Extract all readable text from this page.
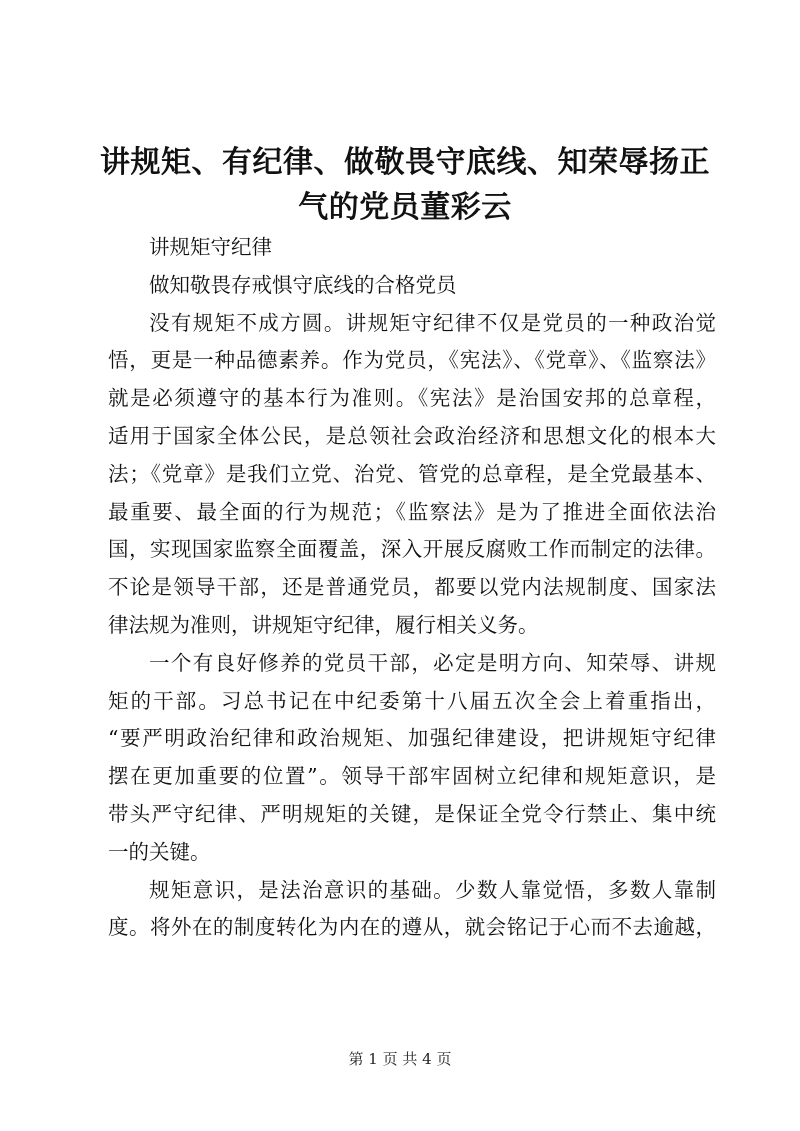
讲规矩、有纪律、做敬畏守底线、知荣辱扬正
气的党员董彩云
讲规矩守纪律
做知敬畏存戒惧守底线的合格党员
没有规矩不成方圆。讲规矩守纪律不仅是党员的一种政治觉
悟，更是一种品德素养。作为党员，《宪法》、《党章》、《监察法》
就是必须遵守的基本行为准则。《宪法》是治国安邦的总章程，
适用于国家全体公民，是总领社会政治经济和思想文化的根本大
法；《党章》是我们立党、治党、管党的总章程，是全党最基本、
最重要、最全面的行为规范；《监察法》是为了推进全面依法治
国，实现国家监察全面覆盖，深入开展反腐败工作而制定的法律。
不论是领导干部，还是普通党员，都要以党内法规制度、国家法
律法规为准则，讲规矩守纪律，履行相关义务。
一个有良好修养的党员干部，必定是明方向、知荣辱、讲规
矩的干部。习总书记在中纪委第十八届五次全会上着重指出，
“要严明政治纪律和政治规矩、加强纪律建设，把讲规矩守纪律
摆在更加重要的位置”。领导干部牢固树立纪律和规矩意识，是
带头严守纪律、严明规矩的关键，是保证全党令行禁止、集中统
一的关键。
规矩意识，是法治意识的基础。少数人靠觉悟，多数人靠制
度。将外在的制度转化为内在的遵从，就会铭记于心而不去逾越，
第 1 页 共 4 页
